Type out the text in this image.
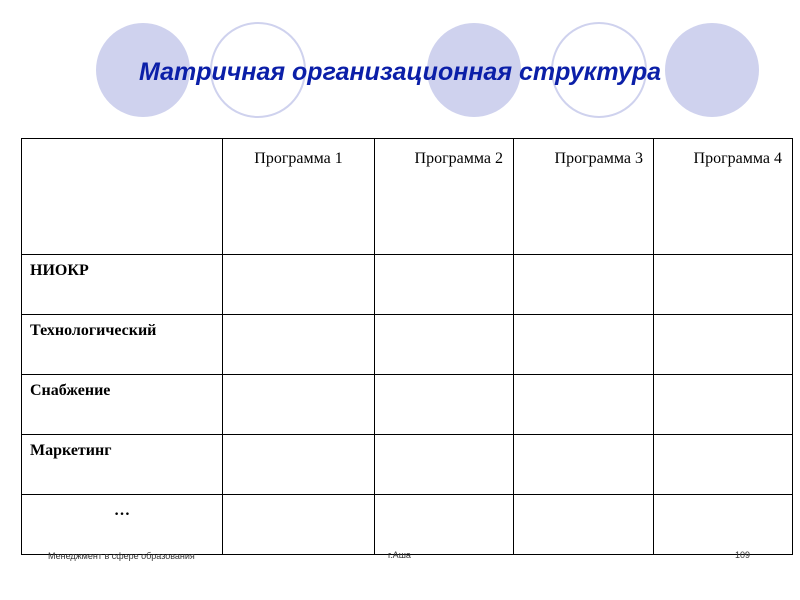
Матричная организационная структура
	Программа 1	Программа 2	Программа 3	Программа 4
НИОКР				
Технологический				
Снабжение				
Маркетинг				
…				
Менеджмент в сфере образования	г.Аша	109
